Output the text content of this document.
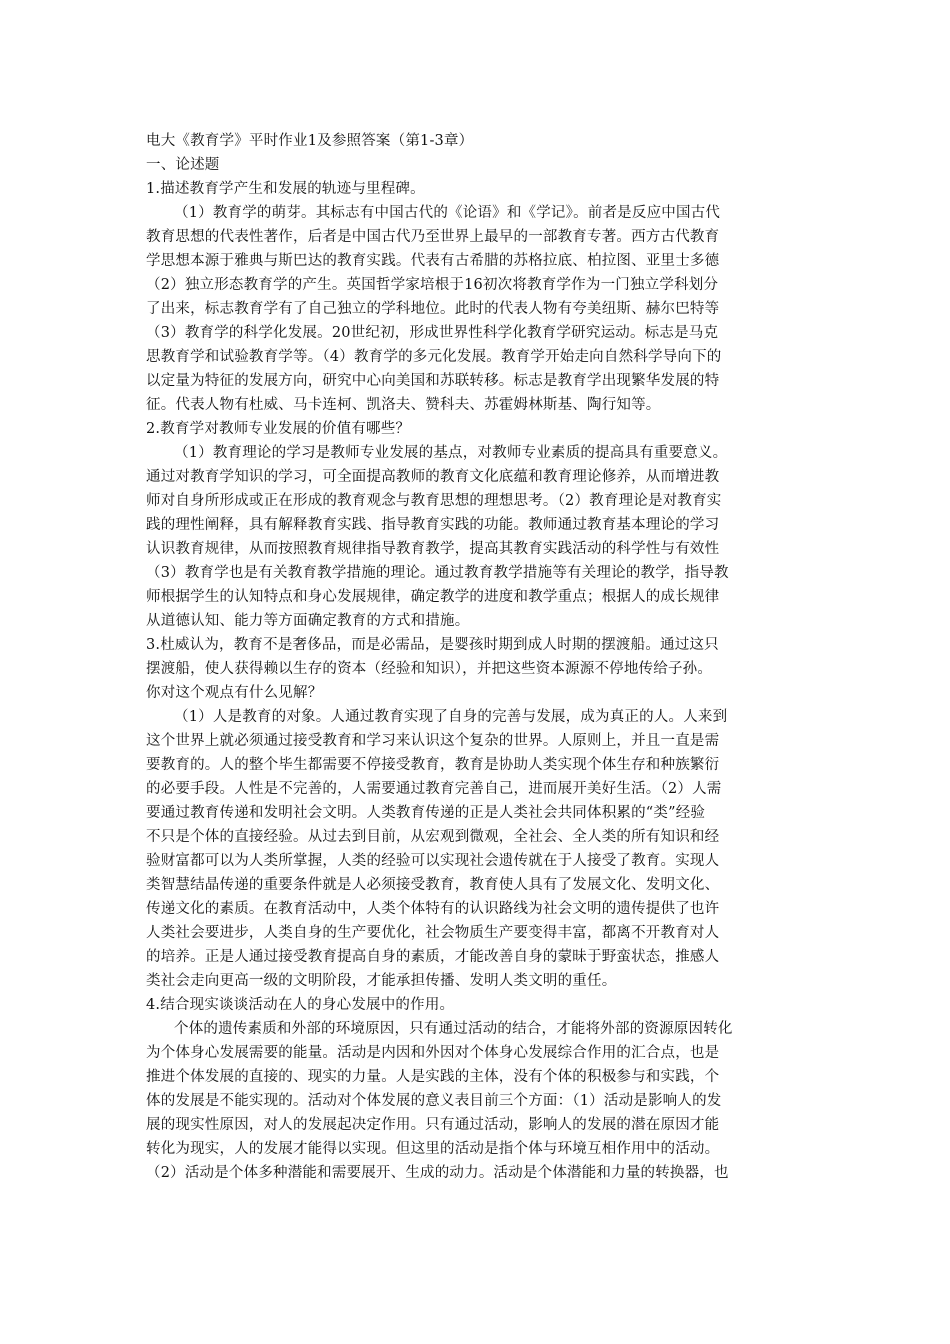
电大《教育学》平时作业1及参照答案（第1-3章）

一、论述题

1.描述教育学产生和发展的轨迹与里程碑。

（1）教育学的萌芽。其标志有中国古代的《论语》和《学记》。前者是反应中国古代

教育思想的代表性著作，后者是中国古代乃至世界上最早的一部教育专著。西方古代教育

学思想本源于雅典与斯巴达的教育实践。代表有古希腊的苏格拉底、柏拉图、亚里士多德

（2）独立形态教育学的产生。英国哲学家培根于16初次将教育学作为一门独立学科划分

了出来，标志教育学有了自己独立的学科地位。此时的代表人物有夸美纽斯、赫尔巴特等

（3）教育学的科学化发展。20世纪初，形成世界性科学化教育学研究运动。标志是马克

思教育学和试验教育学等。（4）教育学的多元化发展。教育学开始走向自然科学导向下的

以定量为特征的发展方向，研究中心向美国和苏联转移。标志是教育学出现繁华发展的特

征。代表人物有杜威、马卡连柯、凯洛夫、赞科夫、苏霍姆林斯基、陶行知等。

2.教育学对教师专业发展的价值有哪些？

（1）教育理论的学习是教师专业发展的基点，对教师专业素质的提高具有重要意义。

通过对教育学知识的学习，可全面提高教师的教育文化底蕴和教育理论修养，从而增进教

师对自身所形成或正在形成的教育观念与教育思想的理想思考。（2）教育理论是对教育实

践的理性阐释，具有解释教育实践、指导教育实践的功能。教师通过教育基本理论的学习

认识教育规律，从而按照教育规律指导教育教学，提高其教育实践活动的科学性与有效性

（3）教育学也是有关教育教学措施的理论。通过教育教学措施等有关理论的教学，指导教

师根据学生的认知特点和身心发展规律，确定教学的进度和教学重点；根据人的成长规律

从道德认知、能力等方面确定教育的方式和措施。

3.杜威认为，教育不是奢侈品，而是必需品，是婴孩时期到成人时期的摆渡船。通过这只

摆渡船，使人获得赖以生存的资本（经验和知识），并把这些资本源源不停地传给子孙。

你对这个观点有什么见解？

（1）人是教育的对象。人通过教育实现了自身的完善与发展，成为真正的人。人来到

这个世界上就必须通过接受教育和学习来认识这个复杂的世界。人原则上，并且一直是需

要教育的。人的整个毕生都需要不停接受教育，教育是协助人类实现个体生存和种族繁衍

的必要手段。人性是不完善的，人需要通过教育完善自己，进而展开美好生活。（2）人需

要通过教育传递和发明社会文明。人类教育传递的正是人类社会共同体积累的“类”经验

不只是个体的直接经验。从过去到目前，从宏观到微观，全社会、全人类的所有知识和经

验财富都可以为人类所掌握，人类的经验可以实现社会遗传就在于人接受了教育。实现人

类智慧结晶传递的重要条件就是人必须接受教育，教育使人具有了发展文化、发明文化、

传递文化的素质。在教育活动中，人类个体特有的认识路线为社会文明的遗传提供了也许

人类社会要进步，人类自身的生产要优化，社会物质生产要变得丰富，都离不开教育对人

的培养。正是人通过接受教育提高自身的素质，才能改善自身的蒙昧于野蛮状态，推感人

类社会走向更高一级的文明阶段，才能承担传播、发明人类文明的重任。

4.结合现实谈谈活动在人的身心发展中的作用。

个体的遗传素质和外部的环境原因，只有通过活动的结合，才能将外部的资源原因转化

为个体身心发展需要的能量。活动是内因和外因对个体身心发展综合作用的汇合点，也是

推进个体发展的直接的、现实的力量。人是实践的主体，没有个体的积极参与和实践，个

体的发展是不能实现的。活动对个体发展的意义表目前三个方面：（1）活动是影响人的发

展的现实性原因，对人的发展起决定作用。只有通过活动，影响人的发展的潜在原因才能

转化为现实，人的发展才能得以实现。但这里的活动是指个体与环境互相作用中的活动。

（2）活动是个体多种潜能和需要展开、生成的动力。活动是个体潜能和力量的转换器，也
